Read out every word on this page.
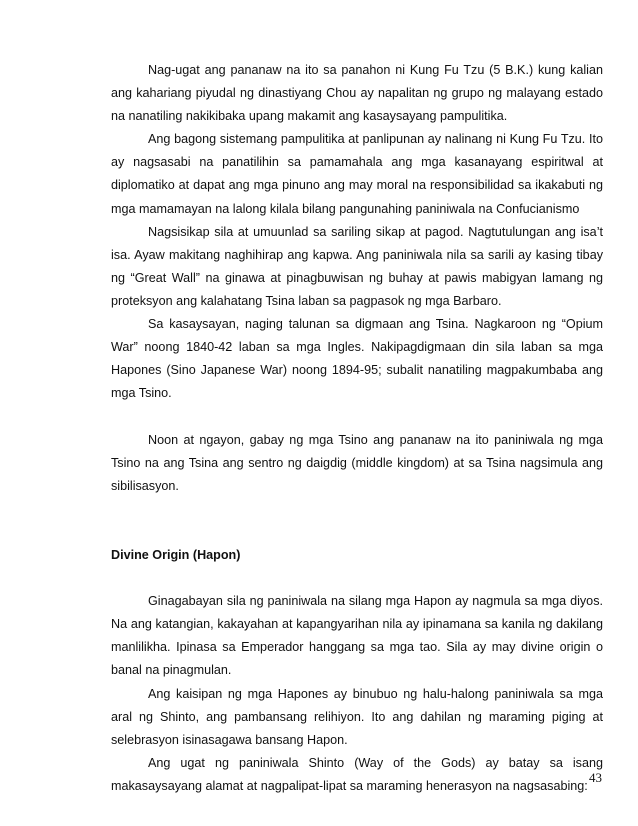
Nag-ugat ang pananaw na ito sa panahon ni Kung Fu Tzu (5 B.K.) kung kalian
ang kahariang piyudal ng dinastiyang Chou ay napalitan ng grupo ng malayang estado
na nanatiling nakikibaka upang makamit ang kasaysayang pampulitika.
Ang bagong sistemang pampulitika at panlipunan ay nalinang ni Kung Fu Tzu. Ito
ay nagsasabi na panatilihin sa pamamahala ang mga kasanayang espiritwal at
diplomatiko at dapat ang mga pinuno ang may moral na responsibilidad sa ikakabuti ng
mga mamamayan na lalong kilala bilang pangunahing paniniwala na Confucianismo
Nagsisikap sila at umuunlad sa sariling sikap at pagod. Nagtutulungan ang isa’t
isa. Ayaw makitang naghihirap ang kapwa. Ang paniniwala nila sa sarili ay kasing tibay
ng “Great Wall” na ginawa at pinagbuwisan ng buhay at pawis mabigyan lamang ng
proteksyon ang kalahatang Tsina laban sa pagpasok ng mga Barbaro.
Sa kasaysayan, naging talunan sa digmaan ang Tsina. Nagkaroon ng “Opium
War” noong 1840-42 laban sa mga Ingles. Nakipagdigmaan din sila laban sa mga
Hapones (Sino Japanese War) noong 1894-95; subalit nanatiling magpakumbaba ang
mga Tsino.
Noon at ngayon, gabay ng mga Tsino ang pananaw na ito paniniwala ng mga
Tsino na ang Tsina ang sentro ng daigdig (middle kingdom) at sa Tsina nagsimula ang
sibilisasyon.
Divine Origin (Hapon)
Ginagabayan sila ng paniniwala na silang mga Hapon ay nagmula sa mga diyos.
Na ang katangian, kakayahan at kapangyarihan nila ay ipinamana sa kanila ng dakilang
manlilikha. Ipinasa sa Emperador hanggang sa mga tao. Sila ay may divine origin o
banal na pinagmulan.
Ang kaisipan ng mga Hapones ay binubuo ng halu-halong paniniwala sa mga
aral ng Shinto, ang pambansang relihiyon. Ito ang dahilan ng maraming piging at
selebrasyon isinasagawa bansang Hapon.
Ang ugat ng paniniwala Shinto (Way of the Gods) ay batay sa isang
makasaysayang alamat at nagpalipat-lipat sa maraming henerasyon na nagsasabing:
43
